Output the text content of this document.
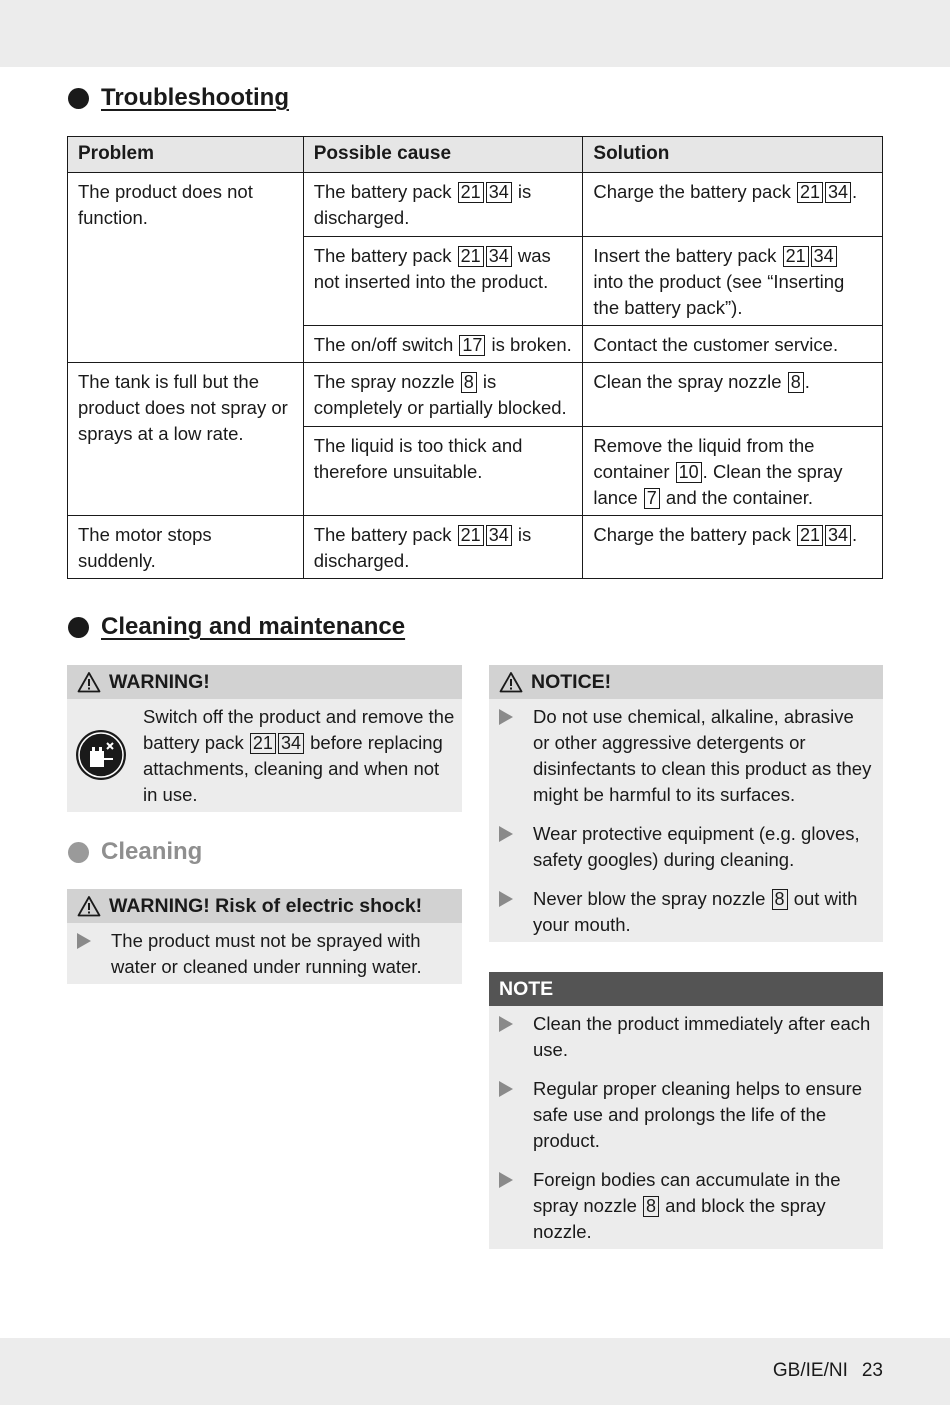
Troubleshooting
Problem	Possible cause	Solution
The product does not function.	The battery pack 21 34 is discharged.	Charge the battery pack 21 34 .
	The battery pack 21 34 was not inserted into the product.	Insert the battery pack 21 34 into the product (see “Inserting the battery pack”).
	The on/off switch 17 is broken.	Contact the customer service.
The tank is full but the product does not spray or sprays at a low rate.	The spray nozzle 8 is completely or partially blocked.	Clean the spray nozzle 8 .
	The liquid is too thick and therefore unsuitable.	Remove the liquid from the container 10 . Clean the spray lance 7 and the container.
The motor stops suddenly.	The battery pack 21 34 is discharged.	Charge the battery pack 21 34 .
Cleaning and maintenance
WARNING!
Switch off the product and remove the battery pack 21 34 before replacing attachments, cleaning and when not in use.
Cleaning
WARNING! Risk of electric shock!
The product must not be sprayed with water or cleaned under running water.
NOTICE!
Do not use chemical, alkaline, abrasive or other aggressive detergents or disinfectants to clean this product as they might be harmful to its surfaces.
Wear protective equipment (e.g. gloves, safety googles) during cleaning.
Never blow the spray nozzle 8 out with your mouth.
NOTE
Clean the product immediately after each use.
Regular proper cleaning helps to ensure safe use and prolongs the life of the product.
Foreign bodies can accumulate in the spray nozzle 8 and block the spray nozzle.
GB/IE/NI 23
